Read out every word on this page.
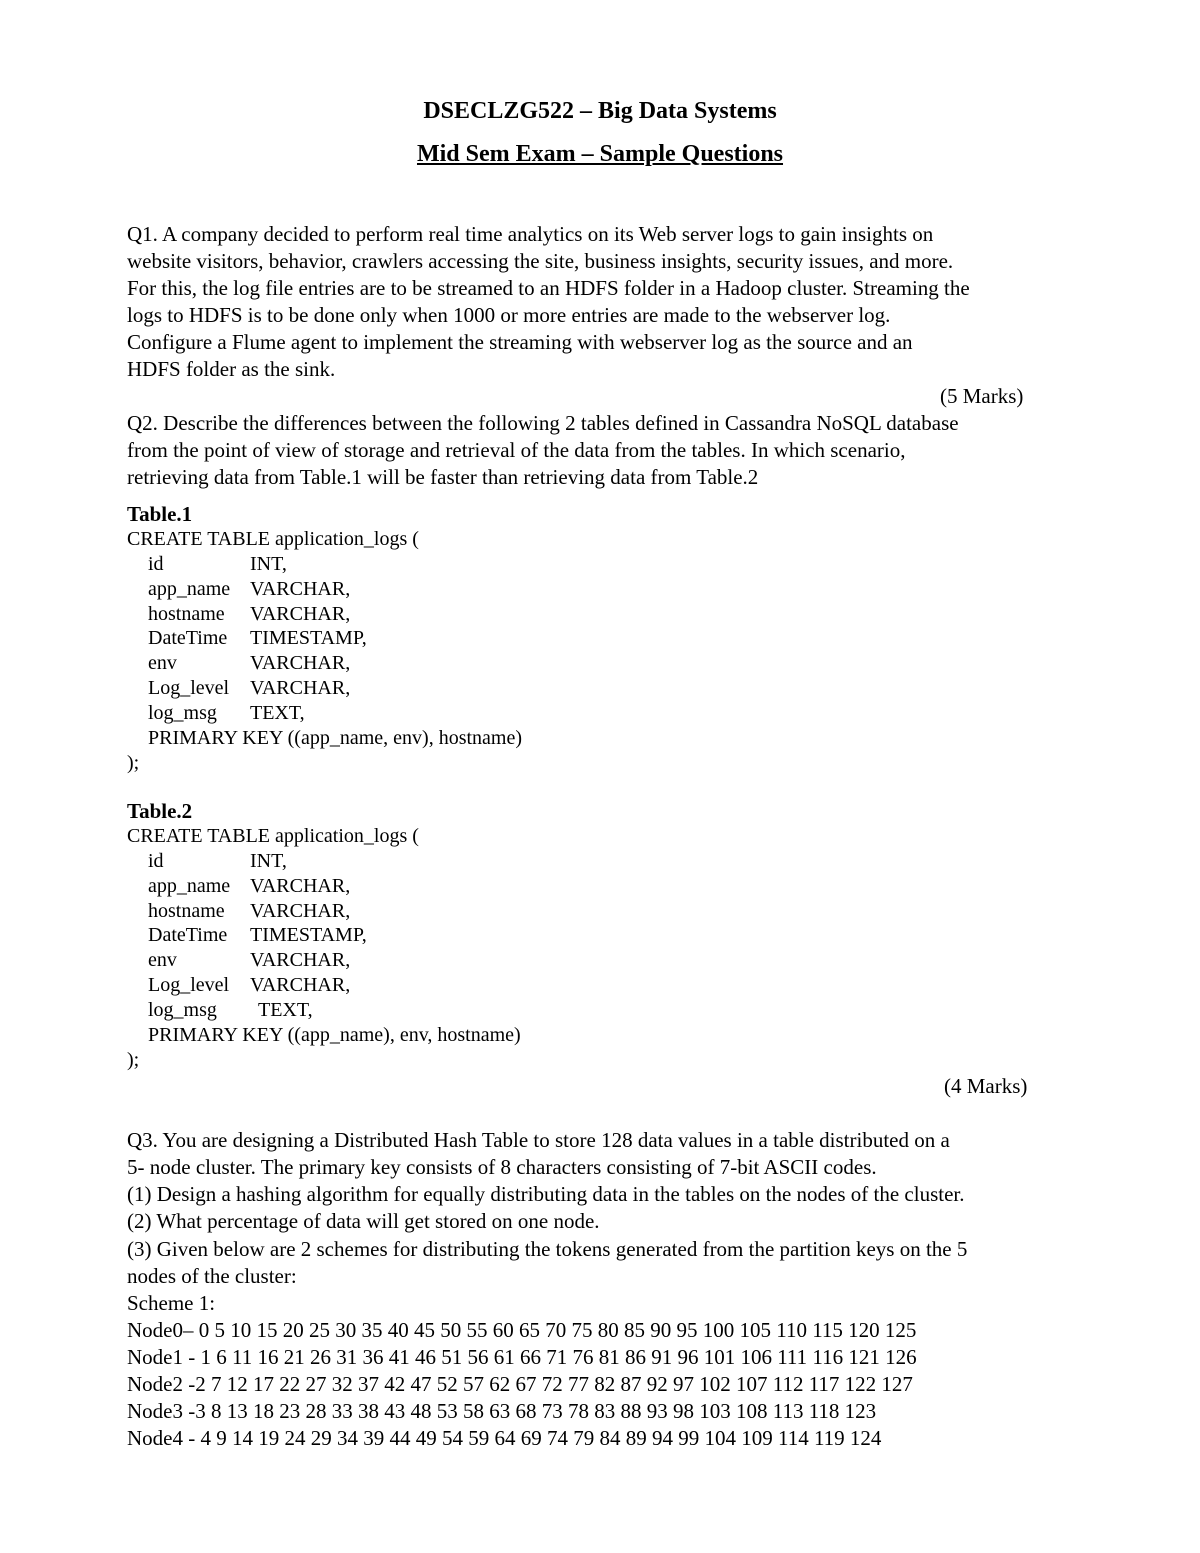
DSECLZG522 – Big Data Systems
Mid Sem Exam – Sample Questions
Q1. A company decided to perform real time analytics on its Web server logs to gain insights on
website visitors, behavior, crawlers accessing the site, business insights, security issues, and more.
For this, the log file entries are to be streamed to an HDFS folder in a Hadoop cluster. Streaming the
logs to HDFS is to be done only when 1000 or more entries are made to the webserver log.
Configure a Flume agent to implement the streaming with webserver log as the source and an
HDFS folder as the sink.
(5 Marks)
Q2. Describe the differences between the following 2 tables defined in Cassandra NoSQL database
from the point of view of storage and retrieval of the data from the tables. In which scenario,
retrieving data from Table.1 will be faster than retrieving data from Table.2
Table.1
CREATE TABLE application_logs (
id	INT,
app_name VARCHAR,
hostname VARCHAR,
DateTime TIMESTAMP,
env	VARCHAR,
Log_level VARCHAR,
log_msg TEXT,
PRIMARY KEY ((app_name, env), hostname)
);
Table.2
CREATE TABLE application_logs (
id	INT,
app_name VARCHAR,
hostname VARCHAR,
DateTime TIMESTAMP,
env	VARCHAR,
Log_level VARCHAR,
log_msg TEXT,
PRIMARY KEY ((app_name), env, hostname)
);
(4 Marks)
Q3. You are designing a Distributed Hash Table to store 128 data values in a table distributed on a
5- node cluster. The primary key consists of 8 characters consisting of 7-bit ASCII codes.
(1) Design a hashing algorithm for equally distributing data in the tables on the nodes of the cluster.
(2) What percentage of data will get stored on one node.
(3) Given below are 2 schemes for distributing the tokens generated from the partition keys on the 5
nodes of the cluster:
Scheme 1:
Node0– 0 5 10 15 20 25 30 35 40 45 50 55 60 65 70 75 80 85 90 95 100 105 110 115 120 125
Node1 - 1 6 11 16 21 26 31 36 41 46 51 56 61 66 71 76 81 86 91 96 101 106 111 116 121 126
Node2 -2 7 12 17 22 27 32 37 42 47 52 57 62 67 72 77 82 87 92 97 102 107 112 117 122 127
Node3 -3 8 13 18 23 28 33 38 43 48 53 58 63 68 73 78 83 88 93 98 103 108 113 118 123
Node4 - 4 9 14 19 24 29 34 39 44 49 54 59 64 69 74 79 84 89 94 99 104 109 114 119 124
